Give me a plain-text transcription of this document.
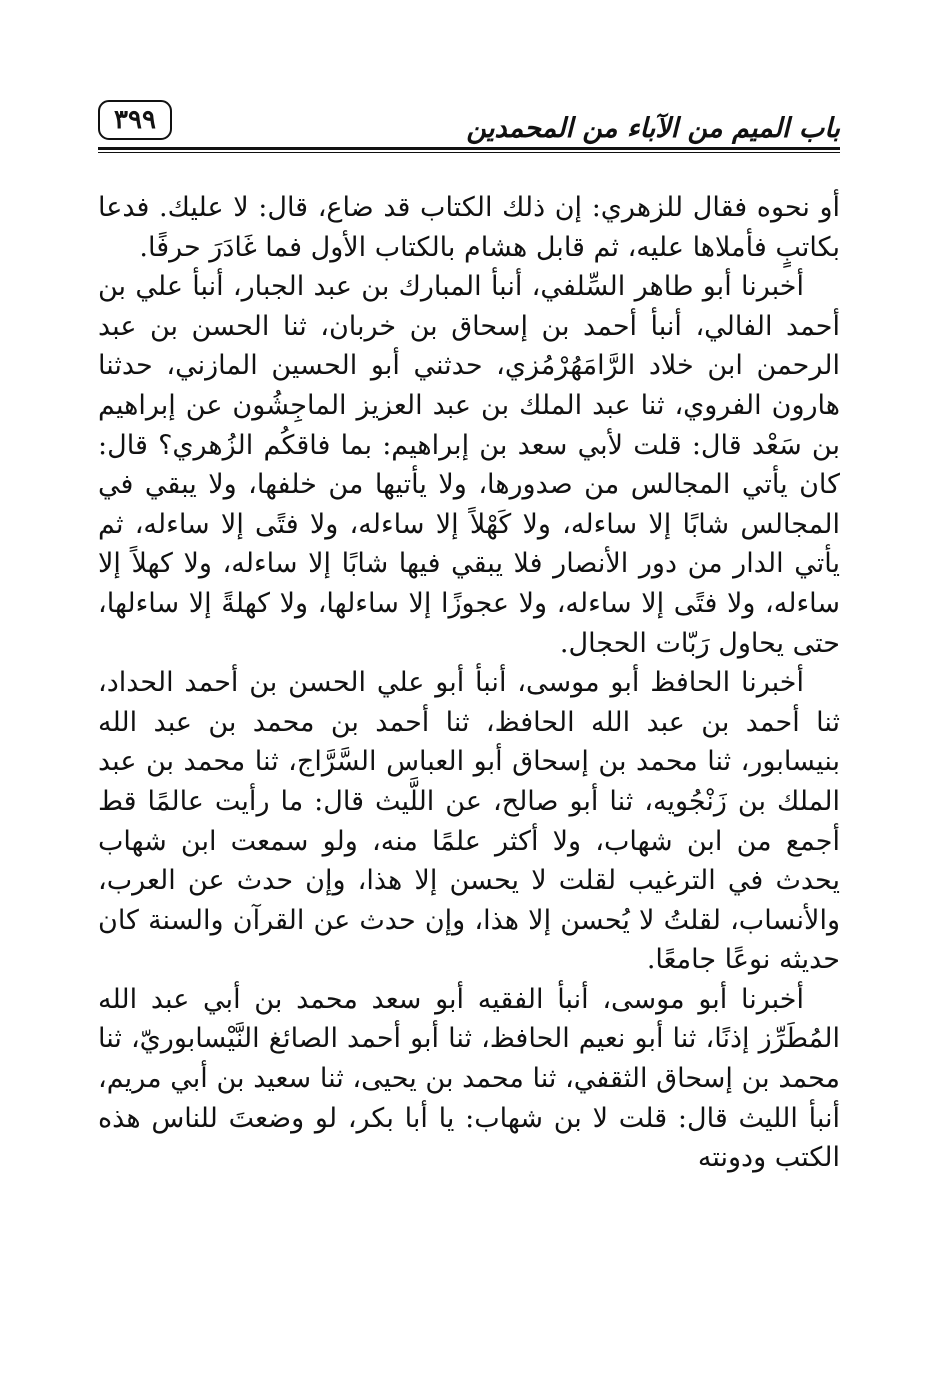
باب الميم من الآباء من المحمدين
٣٩٩

أو نحوه فقال للزهري: إن ذلك الكتاب قد ضاع، قال: لا عليك. فدعا بكاتبٍ فأملاها عليه، ثم قابل هشام بالكتاب الأول فما غَادَرَ حرفًا.

أخبرنا أبو طاهر السِّلفي، أنبأ المبارك بن عبد الجبار، أنبأ علي بن أحمد الفالي، أنبأ أحمد بن إسحاق بن خربان، ثنا الحسن بن عبد الرحمن ابن خلاد الرَّامَهُرْمُزي، حدثني أبو الحسين المازني، حدثنا هارون الفروي، ثنا عبد الملك بن عبد العزيز الماجِشُون عن إبراهيم بن سَعْد قال: قلت لأبي سعد بن إبراهيم: بما فاقكُم الزُهري؟ قال: كان يأتي المجالس من صدورها، ولا يأتيها من خلفها، ولا يبقي في المجالس شابًا إلا ساءله، ولا كَهْلاً إلا ساءله، ولا فتًى إلا ساءله، ثم يأتي الدار من دور الأنصار فلا يبقي فيها شابًا إلا ساءله، ولا كهلاً إلا ساءله، ولا فتًى إلا ساءله، ولا عجوزًا إلا ساءلها، ولا كهلةً إلا ساءلها، حتى يحاول رَبّات الحجال.

أخبرنا الحافظ أبو موسى، أنبأ أبو علي الحسن بن أحمد الحداد، ثنا أحمد بن عبد الله الحافظ، ثنا أحمد بن محمد بن عبد الله بنيسابور، ثنا محمد بن إسحاق أبو العباس السَّرَّاج، ثنا محمد بن عبد الملك بن زَنْجُويه، ثنا أبو صالح، عن اللَّيث قال: ما رأيت عالمًا قط أجمع من ابن شهاب، ولا أكثر علمًا منه، ولو سمعت ابن شهاب يحدث في الترغيب لقلت لا يحسن إلا هذا، وإن حدث عن العرب، والأنساب، لقلتُ لا يُحسن إلا هذا، وإن حدث عن القرآن والسنة كان حديثه نوعًا جامعًا.

أخبرنا أبو موسى، أنبأ الفقيه أبو سعد محمد بن أبي عبد الله المُطَرِّز إذنًا، ثنا أبو نعيم الحافظ، ثنا أبو أحمد الصائغ النَّيْسابوريّ، ثنا محمد بن إسحاق الثقفي، ثنا محمد بن يحيى، ثنا سعيد بن أبي مريم، أنبأ الليث قال: قلت لا بن شهاب: يا أبا بكر، لو وضعتَ للناس هذه الكتب ودونته
